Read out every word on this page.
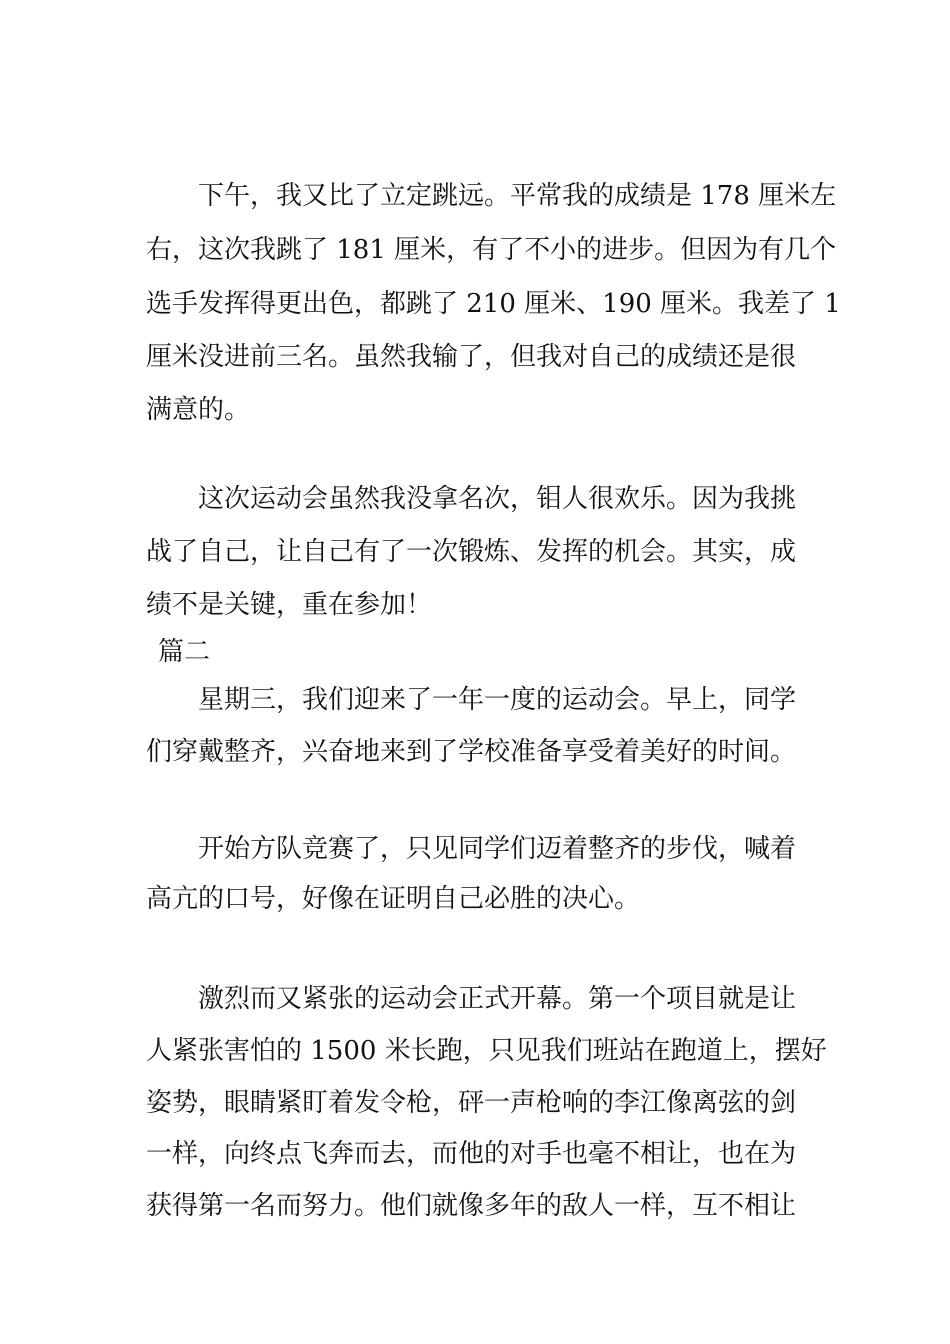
下午，我又比了立定跳远。平常我的成绩是 178 厘米左

右，这次我跳了 181 厘米，有了不小的进步。但因为有几个

选手发挥得更出色，都跳了 210 厘米、190 厘米。我差了 1

厘米没进前三名。虽然我输了，但我对自己的成绩还是很

满意的。

这次运动会虽然我没拿名次，钼人很欢乐。因为我挑

战了自己，让自己有了一次锻炼、发挥的机会。其实，成

绩不是关键，重在参加！

篇二

星期三，我们迎来了一年一度的运动会。早上，同学

们穿戴整齐，兴奋地来到了学校准备享受着美好的时间。

开始方队竞赛了，只见同学们迈着整齐的步伐，喊着

高亢的口号，好像在证明自己必胜的决心。

激烈而又紧张的运动会正式开幕。第一个项目就是让

人紧张害怕的 1500 米长跑，只见我们班站在跑道上，摆好

姿势，眼睛紧盯着发令枪，砰一声枪响的李江像离弦的剑

一样，向终点飞奔而去，而他的对手也毫不相让，也在为

获得第一名而努力。他们就像多年的敌人一样，互不相让
